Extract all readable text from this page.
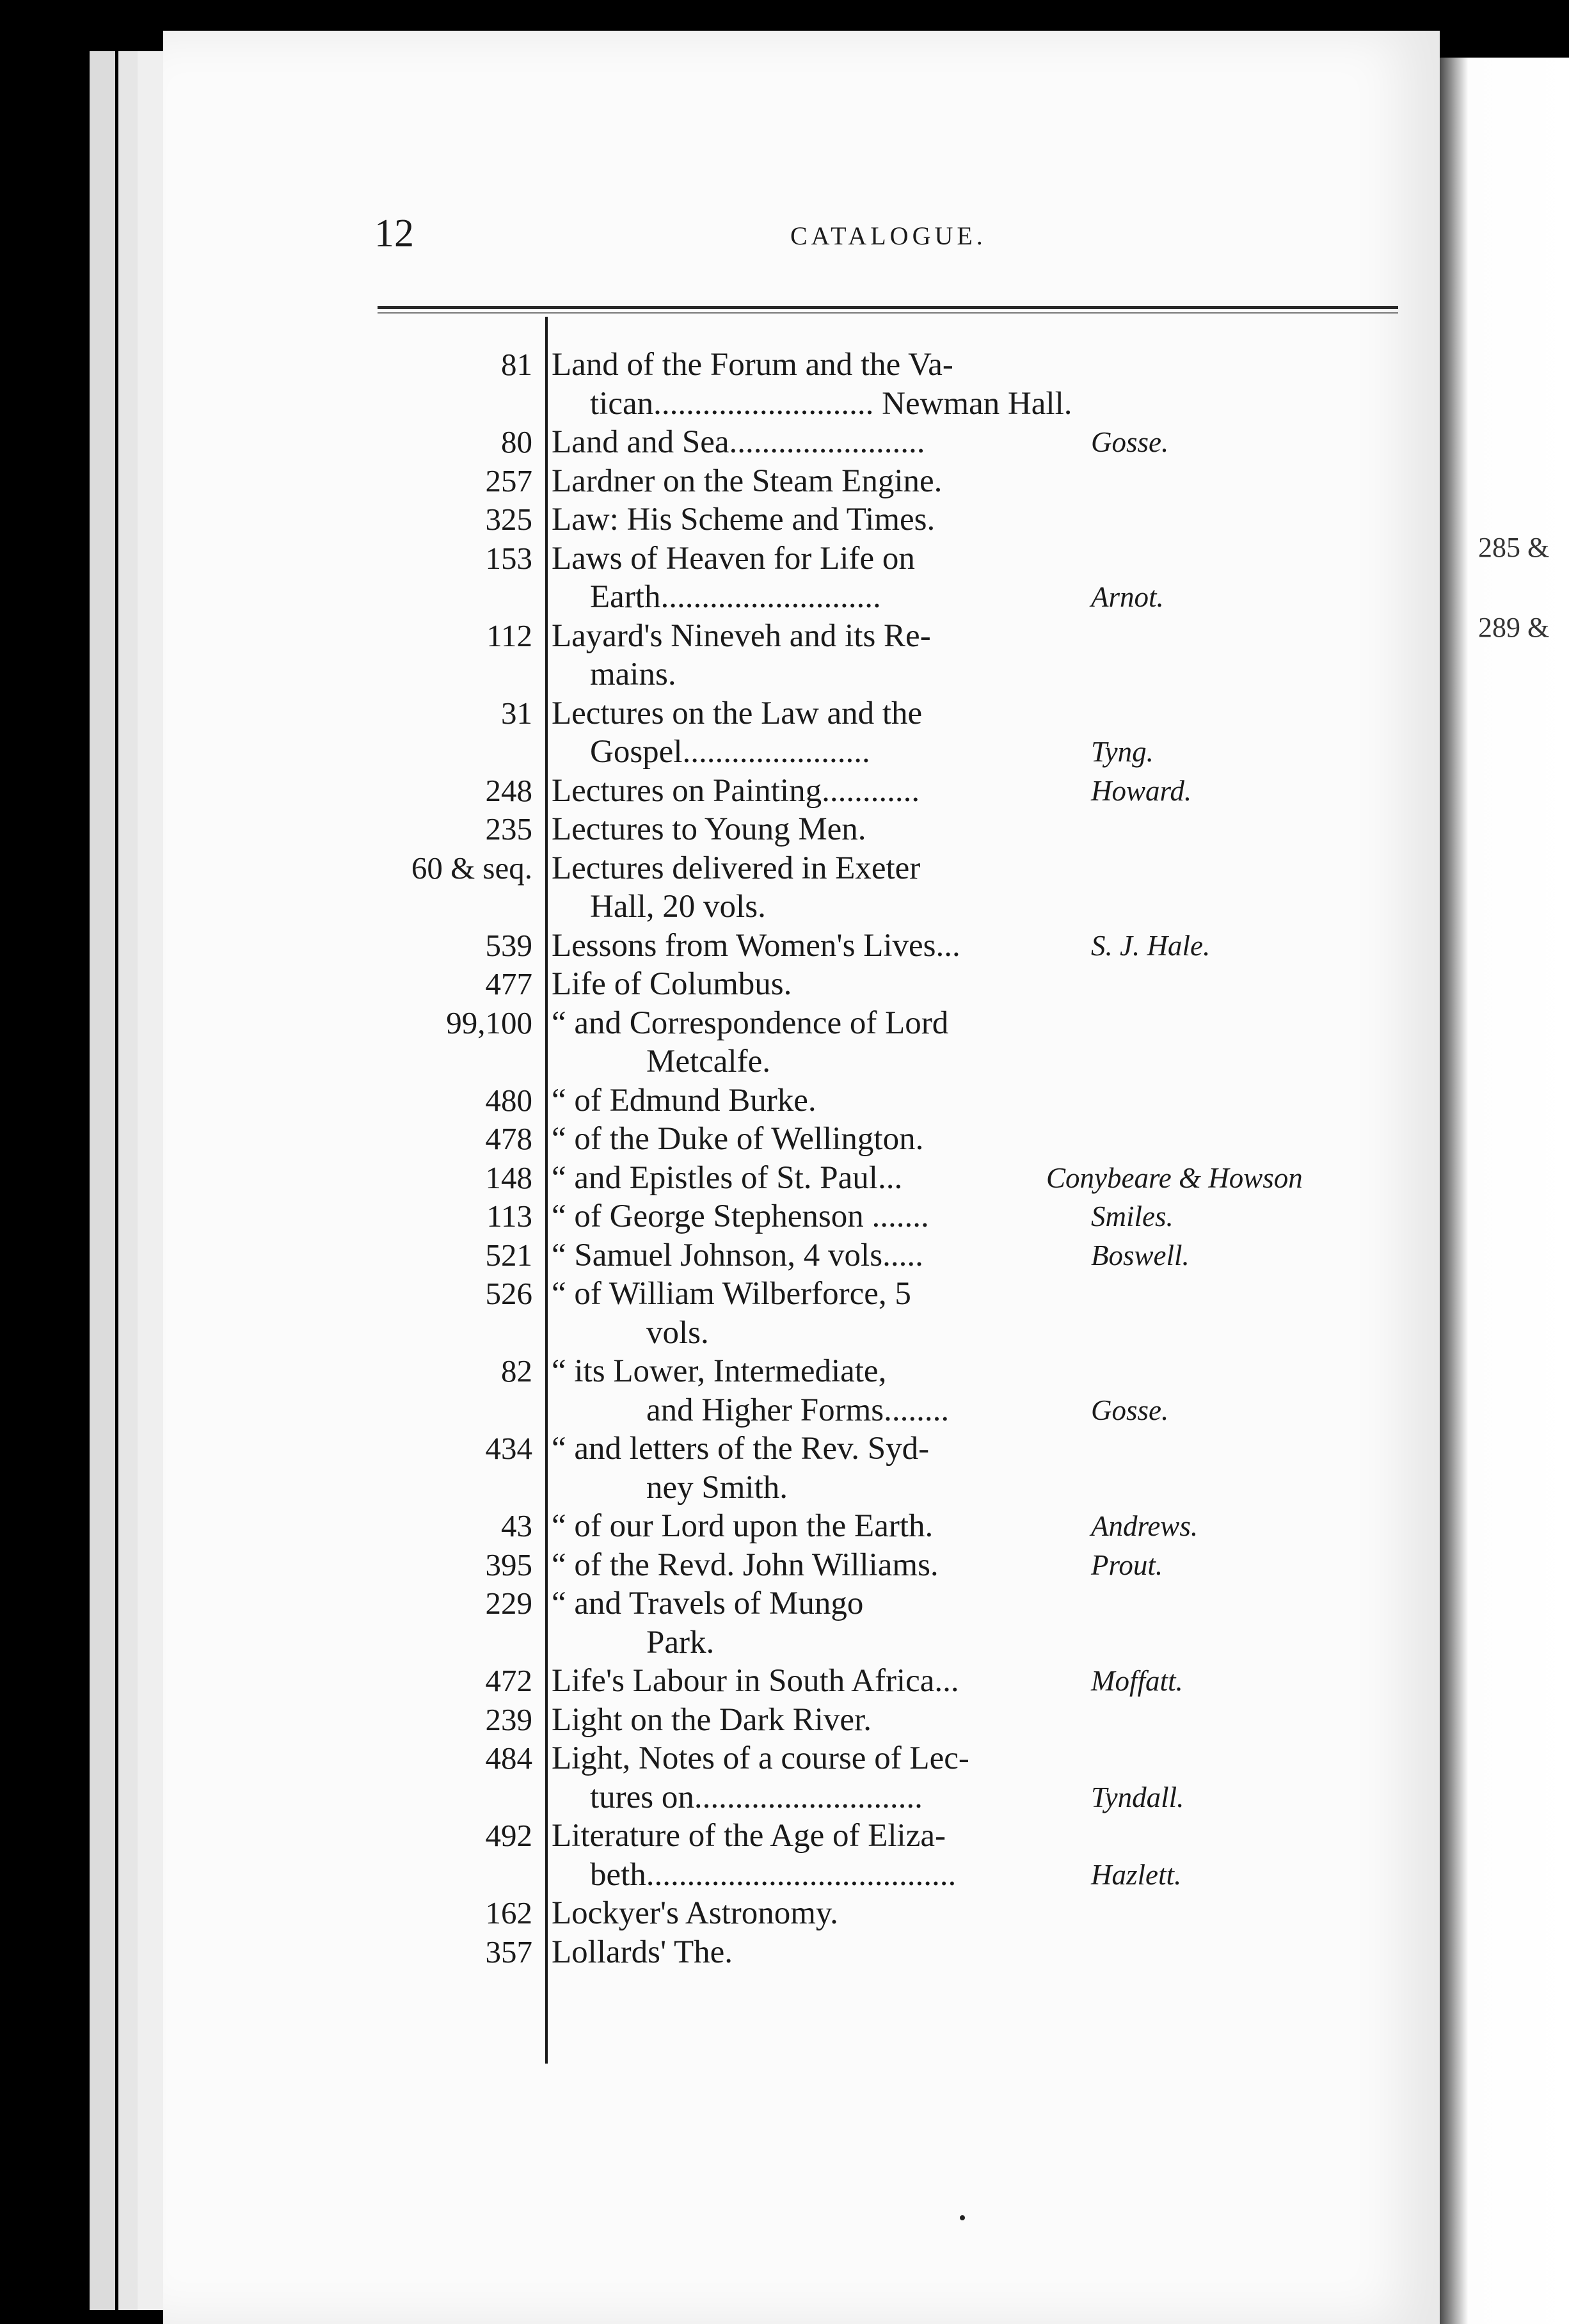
12	CATALOGUE.
81 Land of the Forum and the Va-
tican........................... Newman Hall.
80 Land and Sea........................	Gosse.
257 Lardner on the Steam Engine.
325 Law: His Scheme and Times.
153 Laws of Heaven for Life on
Earth...........................	Arnot.
112 Layard's Nineveh and its Re-
mains.
31 Lectures on the Law and the
Gospel.......................	Tyng.
248 Lectures on Painting............	Howard.
235 Lectures to Young Men.
60 & seq. Lectures delivered in Exeter
Hall, 20 vols.
539 Lessons from Women's Lives...	S. J. Hale.
477 Life of Columbus.
99,100 “ and Correspondence of Lord
Metcalfe.
480 “ of Edmund Burke.
478 “ of the Duke of Wellington.
148 “ and Epistles of St. Paul...	Conybeare & Howson
113 “ of George Stephenson .......	Smiles.
521 “ Samuel Johnson, 4 vols.....	Boswell.
526 “ of William Wilberforce, 5
vols.
82 “ its Lower, Intermediate,
and Higher Forms........	Gosse.
434 “ and letters of the Rev. Syd-
ney Smith.
43 “ of our Lord upon the Earth.	Andrews.
395 “ of the Revd. John Williams.	Prout.
229 “ and Travels of Mungo
Park.
472 Life's Labour in South Africa...	Moffatt.
239 Light on the Dark River.
484 Light, Notes of a course of Lec-
tures on............................	Tyndall.
492 Literature of the Age of Eliza-
beth......................................	Hazlett.
162 Lockyer's Astronomy.
357 Lollards' The.
285 &
289 &
